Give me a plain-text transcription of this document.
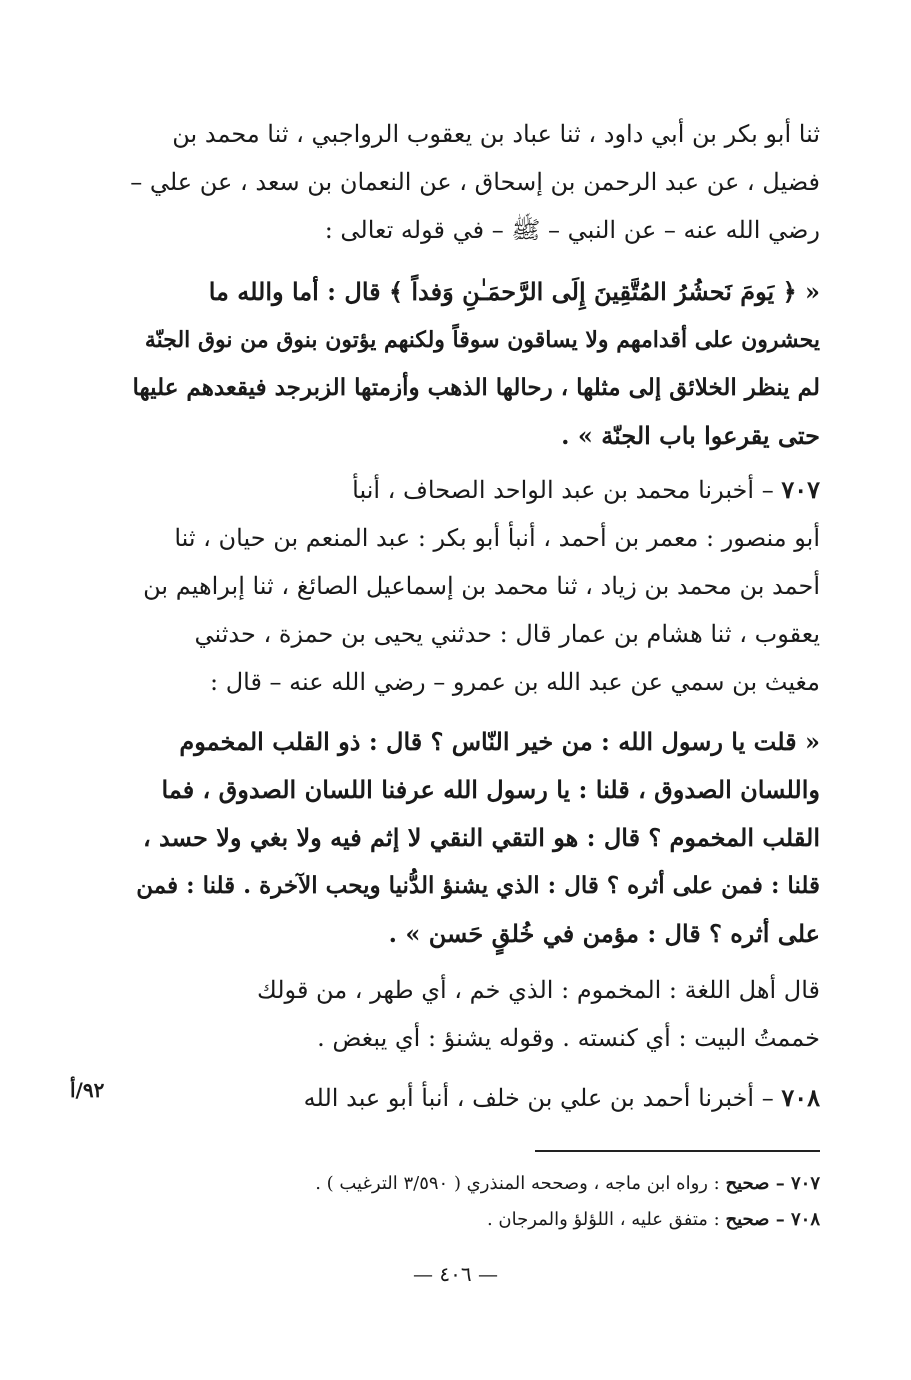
ثنا أبو بكر بن أبي داود ، ثنا عباد بن يعقوب الرواجبي ، ثنا محمد بن
فضيل ، عن عبد الرحمن بن إسحاق ، عن النعمان بن سعد ، عن علي –
رضي الله عنه – عن النبي – ﷺ – في قوله تعالى :
« ﴿ يَومَ نَحشُرُ المُتَّقِينَ إِلَى الرَّحمَـٰنِ وَفداً ﴾ قال : أما والله ما
يحشرون على أقدامهم ولا يساقون سوقاً ولكنهم يؤتون بنوق من نوق الجنّة
لم ينظر الخلائق إلى مثلها ، رحالها الذهب وأزمتها الزبرجد فيقعدهم عليها
حتى يقرعوا باب الجنّة » .
٧٠٧ – أخبرنا محمد بن عبد الواحد الصحاف ، أنبأ
أبو منصور : معمر بن أحمد ، أنبأ أبو بكر : عبد المنعم بن حيان ، ثنا
أحمد بن محمد بن زياد ، ثنا محمد بن إسماعيل الصائغ ، ثنا إبراهيم بن
يعقوب ، ثنا هشام بن عمار قال : حدثني يحيى بن حمزة ، حدثني
مغيث بن سمي عن عبد الله بن عمرو – رضي الله عنه – قال :
« قلت يا رسول الله : من خير النّاس ؟ قال : ذو القلب المخموم
واللسان الصدوق ، قلنا : يا رسول الله عرفنا اللسان الصدوق ، فما
القلب المخموم ؟ قال : هو التقي النقي لا إثم فيه ولا بغي ولا حسد ،
قلنا : فمن على أثره ؟ قال : الذي يشنؤ الدُّنيا ويحب الآخرة . قلنا : فمن
على أثره ؟ قال : مؤمن في خُلقٍ حَسن » .
قال أهل اللغة : المخموم : الذي خم ، أي طهر ، من قولك
خممتُ البيت : أي كنسته . وقوله يشنؤ : أي يبغض .
٧٠٨ – أخبرنا أحمد بن علي بن خلف ، أنبأ أبو عبد الله
٩٢/أ
٧٠٧ – صحيح : رواه ابن ماجه ، وصححه المنذري ( ٣/٥٩٠ الترغيب ) .
٧٠٨ – صحيح : متفق عليه ، اللؤلؤ والمرجان .
— ٤٠٦ —
